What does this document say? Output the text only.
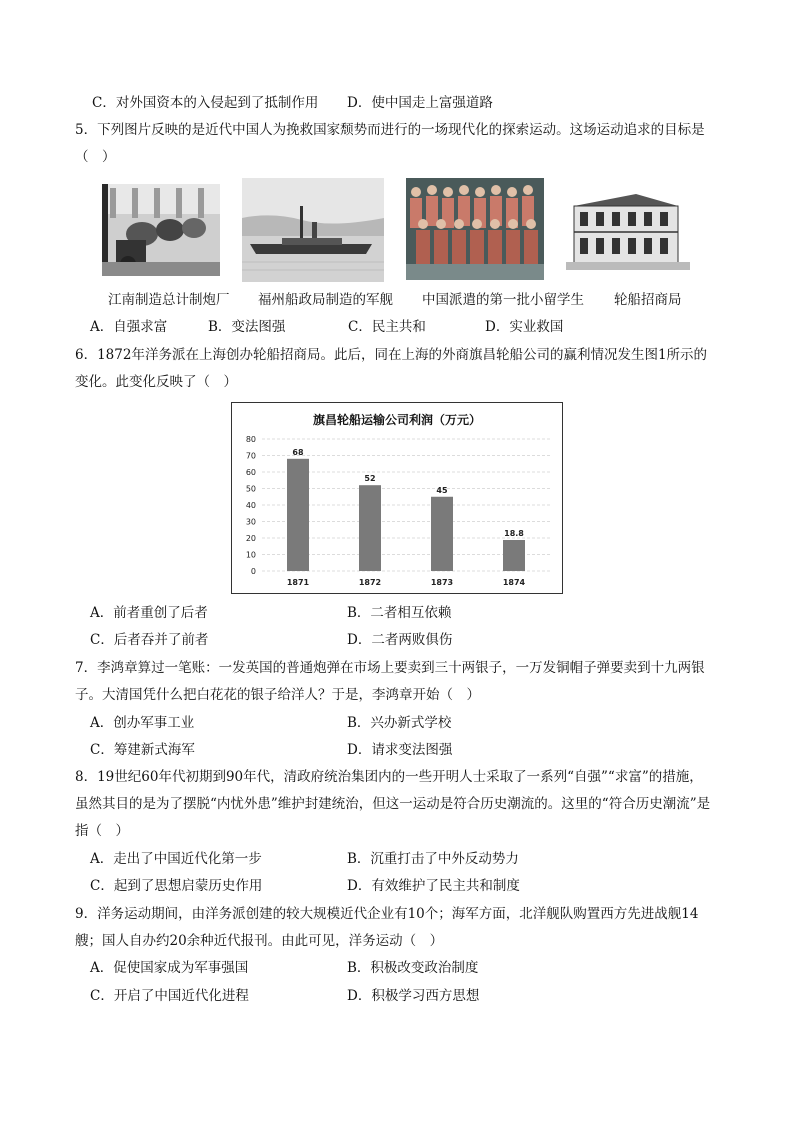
C．对外国资本的入侵起到了抵制作用 D．使中国走上富强道路
5．下列图片反映的是近代中国人为挽救国家颓势而进行的一场现代化的探索运动。这场运动追求的目标是
（　）
江南制造总计制炮厂 福州船政局制造的军舰 中国派遣的第一批小留学生 轮船招商局
A．自强求富	B．变法图强	C．民主共和	D．实业救国
6．1872年洋务派在上海创办轮船招商局。此后，同在上海的外商旗昌轮船公司的赢利情况发生图1所示的
变化。此变化反映了（　）
旗昌轮船运输公司利润（万元）
0
10
20
30
40
50
60
70
80
68
1871
52
1872
45
1873
18.8
1874
A．前者重创了后者	B．二者相互依赖
C．后者吞并了前者	D．二者两败俱伤
7．李鸿章算过一笔账：一发英国的普通炮弹在市场上要卖到三十两银子，一万发铜帽子弹要卖到十九两银
子。大清国凭什么把白花花的银子给洋人？于是，李鸿章开始（　）
A．创办军事工业	B．兴办新式学校
C．筹建新式海军	D．请求变法图强
8．19世纪60年代初期到90年代，清政府统治集团内的一些开明人士采取了一系列“自强”“求富”的措施，
虽然其目的是为了摆脱“内忧外患”维护封建统治，但这一运动是符合历史潮流的。这里的“符合历史潮流”是
指（　）
A．走出了中国近代化第一步	B．沉重打击了中外反动势力
C．起到了思想启蒙历史作用	D．有效维护了民主共和制度
9．洋务运动期间，由洋务派创建的较大规模近代企业有10个；海军方面，北洋舰队购置西方先进战舰14
艘；国人自办约20余种近代报刊。由此可见，洋务运动（　）
A．促使国家成为军事强国	B．积极改变政治制度
C．开启了中国近代化进程	D．积极学习西方思想
